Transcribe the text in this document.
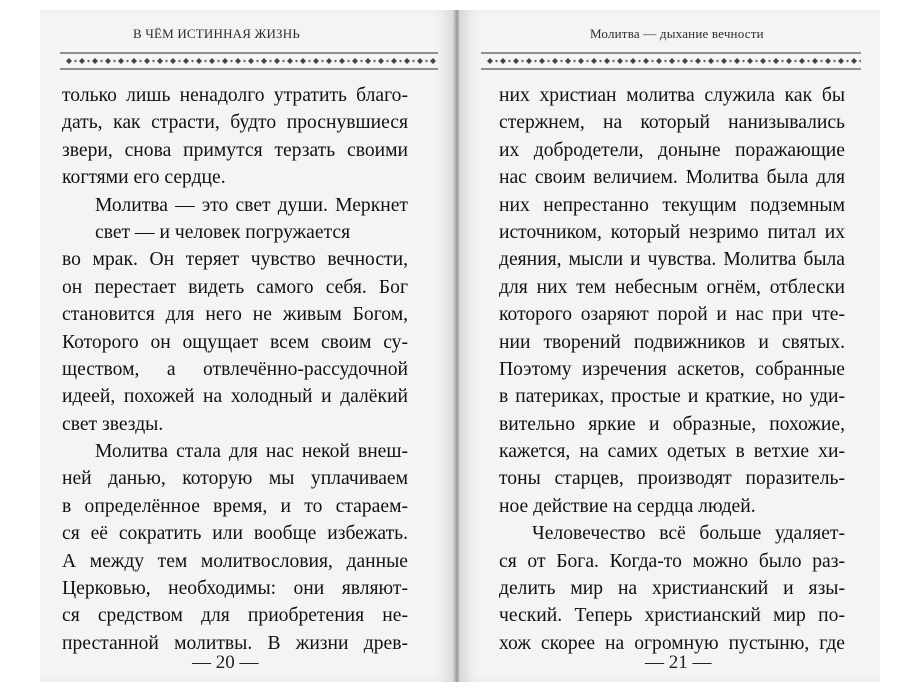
В ЧЁМ ИСТИННАЯ ЖИЗНЬ
только лишь ненадолго утратить благо-
дать, как страсти, будто проснувшиеся
звери, снова примутся терзать своими
когтями его сердце.
Молитва — это свет души. Меркнет свет — и человек погружается
во мрак. Он теряет чувство вечности,
он перестает видеть самого себя. Бог
становится для него не живым Богом,
Которого он ощущает всем своим су-
ществом, а отвлечённо-рассудочной
идеей, похожей на холодный и далёкий
свет звезды.
Молитва стала для нас некой внеш-
ней данью, которую мы уплачиваем
в определённое время, и то стараем-
ся её сократить или вообще избежать.
А между тем молитвословия, данные
Церковью, необходимы: они являют-
ся средством для приобретения не-
престанной молитвы. В жизни древ-
— 20 —
Молитва — дыхание вечности
них христиан молитва служила как бы
стержнем, на который нанизывались
их добродетели, доныне поражающие
нас своим величием. Молитва была для
них непрестанно текущим подземным
источником, который незримо питал их
деяния, мысли и чувства. Молитва была
для них тем небесным огнём, отблески
которого озаряют порой и нас при чте-
нии творений подвижников и святых.
Поэтому изречения аскетов, собранные
в патериках, простые и краткие, но уди-
вительно яркие и образные, похожие,
кажется, на самих одетых в ветхие хи-
тоны старцев, производят поразитель-
ное действие на сердца людей.
Человечество всё больше удаляет-
ся от Бога. Когда-то можно было раз-
делить мир на христианский и язы-
ческий. Теперь христианский мир по-
хож скорее на огромную пустыню, где
— 21 —
